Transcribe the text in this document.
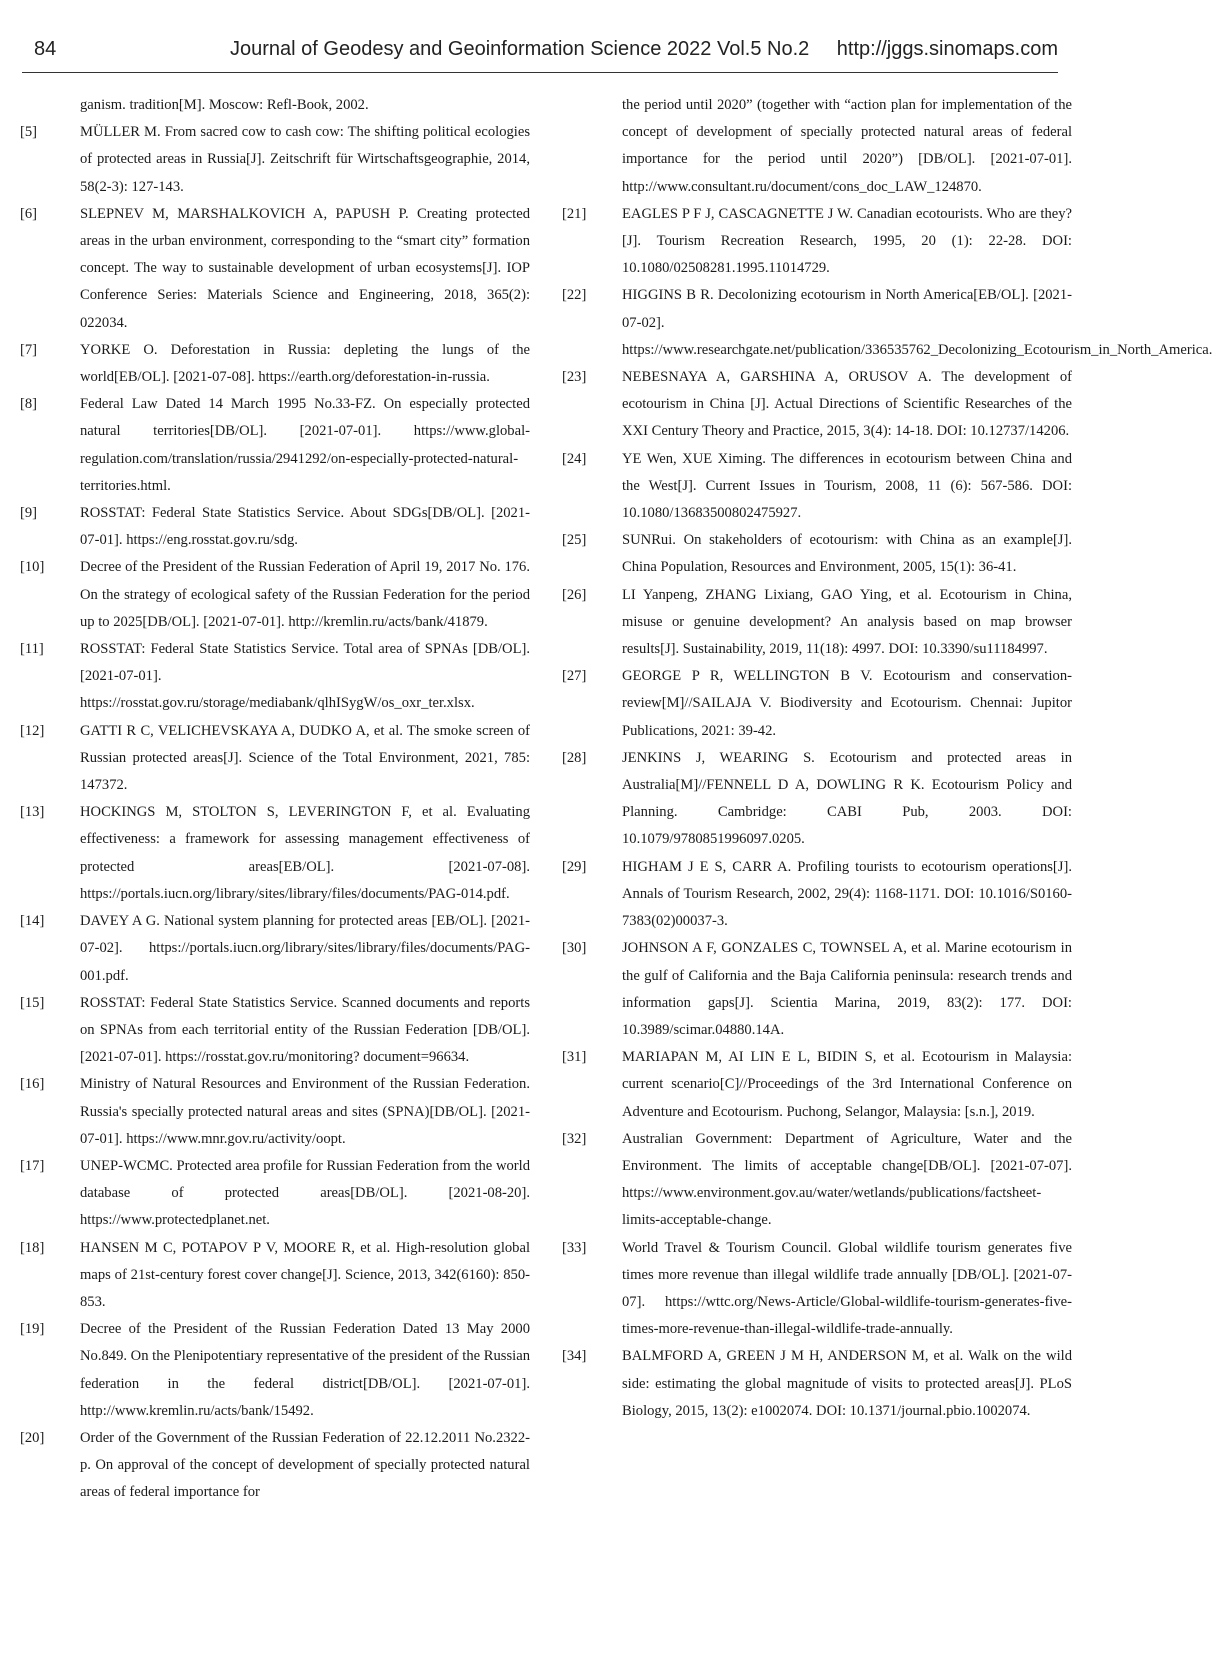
84	Journal of Geodesy and Geoinformation Science 2022 Vol.5 No.2 http://jggs.sinomaps.com
ganism. tradition[M]. Moscow: Refl-Book, 2002.
[5]	MÜLLER M. From sacred cow to cash cow: The shifting political ecologies of protected areas in Russia[J]. Zeitschrift für Wirtschaftsgeographie, 2014, 58(2-3): 127-143.
[6]	SLEPNEV M, MARSHALKOVICH A, PAPUSH P. Creating protected areas in the urban environment, corresponding to the “smart city” formation concept. The way to sustainable development of urban ecosystems[J]. IOP Conference Series: Materials Science and Engineering, 2018, 365(2): 022034.
[7]	YORKE O. Deforestation in Russia: depleting the lungs of the world[EB/OL]. [2021-07-08]. https://earth.org/deforestation-in-russia.
[8]	Federal Law Dated 14 March 1995 No.33-FZ. On especially protected natural territories[DB/OL]. [2021-07-01]. https://www.global-regulation.com/translation/russia/2941292/on-especially-protected-natural-territories.html.
[9]	ROSSTAT: Federal State Statistics Service. About SDGs[DB/OL]. [2021-07-01]. https://eng.rosstat.gov.ru/sdg.
[10] Decree of the President of the Russian Federation of April 19, 2017 No. 176. On the strategy of ecological safety of the Russian Federation for the period up to 2025[DB/OL]. [2021-07-01]. http://kremlin.ru/acts/bank/41879.
[11] ROSSTAT: Federal State Statistics Service. Total area of SPNAs [DB/OL]. [2021-07-01]. https://rosstat.gov.ru/storage/mediabank/qlhISygW/os_oxr_ter.xlsx.
[12] GATTI R C, VELICHEVSKAYA A, DUDKO A, et al. The smoke screen of Russian protected areas[J]. Science of the Total Environment, 2021, 785: 147372.
[13] HOCKINGS M, STOLTON S, LEVERINGTON F, et al. Evaluating effectiveness: a framework for assessing management effectiveness of protected areas[EB/OL]. [2021-07-08]. https://portals.iucn.org/library/sites/library/files/documents/PAG-014.pdf.
[14] DAVEY A G. National system planning for protected areas [EB/OL]. [2021-07-02]. https://portals.iucn.org/library/sites/library/files/documents/PAG-001.pdf.
[15] ROSSTAT: Federal State Statistics Service. Scanned documents and reports on SPNAs from each territorial entity of the Russian Federation [DB/OL]. [2021-07-01]. https://rosstat.gov.ru/monitoring? document=96634.
[16] Ministry of Natural Resources and Environment of the Russian Federation. Russia's specially protected natural areas and sites (SPNA)[DB/OL]. [2021-07-01]. https://www.mnr.gov.ru/activity/oopt.
[17] UNEP-WCMC. Protected area profile for Russian Federation from the world database of protected areas[DB/OL]. [2021-08-20]. https://www.protectedplanet.net.
[18] HANSEN M C, POTAPOV P V, MOORE R, et al. High-resolution global maps of 21st-century forest cover change[J]. Science, 2013, 342(6160): 850-853.
[19] Decree of the President of the Russian Federation Dated 13 May 2000 No.849. On the Plenipotentiary representative of the president of the Russian federation in the federal district[DB/OL]. [2021-07-01]. http://www.kremlin.ru/acts/bank/15492.
[20] Order of the Government of the Russian Federation of 22.12.2011 No.2322-p. On approval of the concept of development of specially protected natural areas of federal importance for
the period until 2020” (together with “action plan for implementation of the concept of development of specially protected natural areas of federal importance for the period until 2020”) [DB/OL]. [2021-07-01]. http://www.consultant.ru/document/cons_doc_LAW_124870.
[21] EAGLES P F J, CASCAGNETTE J W. Canadian ecotourists. Who are they? [J]. Tourism Recreation Research, 1995, 20 (1): 22-28. DOI: 10.1080/02508281.1995.11014729.
[22] HIGGINS B R. Decolonizing ecotourism in North America[EB/OL]. [2021-07-02]. https://www.researchgate.net/publication/336535762_Decolonizing_Ecotourism_in_North_America.
[23] NEBESNAYA A, GARSHINA A, ORUSOV A. The development of ecotourism in China [J]. Actual Directions of Scientific Researches of the XXI Century Theory and Practice, 2015, 3(4): 14-18. DOI: 10.12737/14206.
[24] YE Wen, XUE Ximing. The differences in ecotourism between China and the West[J]. Current Issues in Tourism, 2008, 11 (6): 567-586. DOI: 10.1080/13683500802475927.
[25] SUNRui. On stakeholders of ecotourism: with China as an example[J]. China Population, Resources and Environment, 2005, 15(1): 36-41.
[26] LI Yanpeng, ZHANG Lixiang, GAO Ying, et al. Ecotourism in China, misuse or genuine development? An analysis based on map browser results[J]. Sustainability, 2019, 11(18): 4997. DOI: 10.3390/su11184997.
[27] GEORGE P R, WELLINGTON B V. Ecotourism and conservation-review[M]//SAILAJA V. Biodiversity and Ecotourism. Chennai: Jupitor Publications, 2021: 39-42.
[28] JENKINS J, WEARING S. Ecotourism and protected areas in Australia[M]//FENNELL D A, DOWLING R K. Ecotourism Policy and Planning. Cambridge: CABI Pub, 2003. DOI: 10.1079/9780851996097.0205.
[29] HIGHAM J E S, CARR A. Profiling tourists to ecotourism operations[J]. Annals of Tourism Research, 2002, 29(4): 1168-1171. DOI: 10.1016/S0160-7383(02)00037-3.
[30] JOHNSON A F, GONZALES C, TOWNSEL A, et al. Marine ecotourism in the gulf of California and the Baja California peninsula: research trends and information gaps[J]. Scientia Marina, 2019, 83(2): 177. DOI: 10.3989/scimar.04880.14A.
[31] MARIAPAN M, AI LIN E L, BIDIN S, et al. Ecotourism in Malaysia: current scenario[C]//Proceedings of the 3rd International Conference on Adventure and Ecotourism. Puchong, Selangor, Malaysia: [s.n.], 2019.
[32] Australian Government: Department of Agriculture, Water and the Environment. The limits of acceptable change[DB/OL]. [2021-07-07]. https://www.environment.gov.au/water/wetlands/publications/factsheet-limits-acceptable-change.
[33] World Travel & Tourism Council. Global wildlife tourism generates five times more revenue than illegal wildlife trade annually [DB/OL]. [2021-07-07]. https://wttc.org/News-Article/Global-wildlife-tourism-generates-five-times-more-revenue-than-illegal-wildlife-trade-annually.
[34] BALMFORD A, GREEN J M H, ANDERSON M, et al. Walk on the wild side: estimating the global magnitude of visits to protected areas[J]. PLoS Biology, 2015, 13(2): e1002074. DOI: 10.1371/journal.pbio.1002074.
